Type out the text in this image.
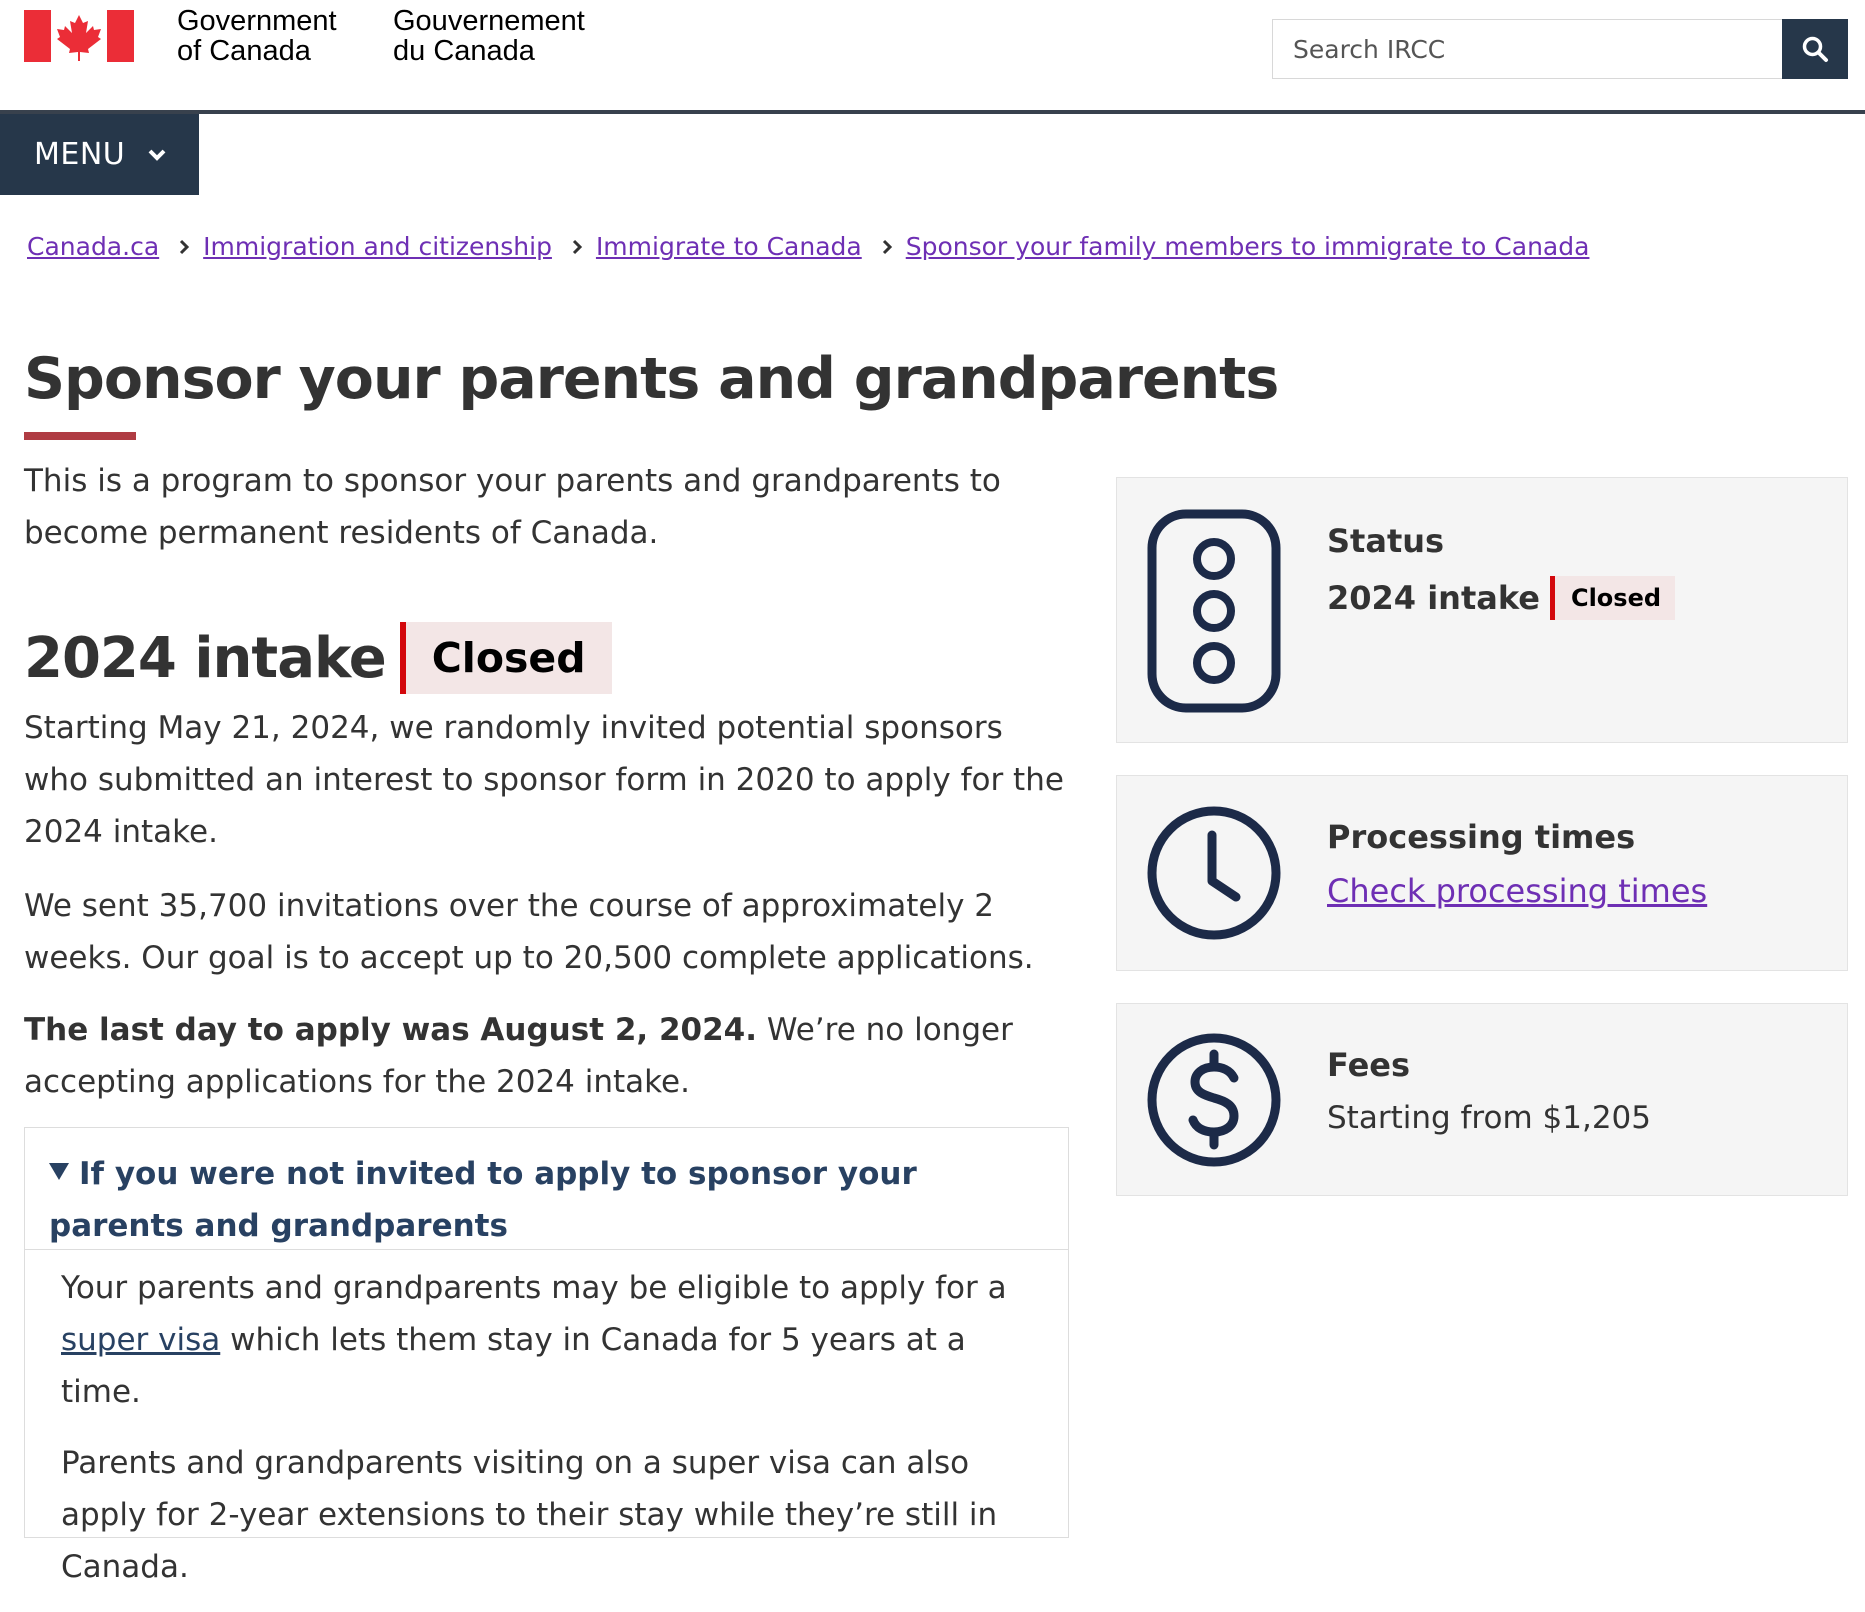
Government
of Canada
Gouvernement
du Canada
Search IRCC
MENU
Canada.ca Immigration and citizenship Immigrate to Canada Sponsor your family members to immigrate to Canada
Sponsor your parents and grandparents

This is a program to sponsor your parents and grandparents to become permanent residents of Canada.

2024 intake	Closed

Starting May 21, 2024, we randomly invited potential sponsors who submitted an interest to sponsor form in 2020 to apply for the 2024 intake.

We sent 35,700 invitations over the course of approximately 2 weeks. Our goal is to accept up to 20,500 complete applications.

The last day to apply was August 2, 2024. We’re no longer accepting applications for the 2024 intake.

If you were not invited to apply to sponsor your parents and grandparents

Your parents and grandparents may be eligible to apply for a super visa which lets them stay in Canada for 5 years at a time.

Parents and grandparents visiting on a super visa can also apply for 2-year extensions to their stay while they’re still in Canada.

Status
2024 intake	Closed
Processing times
Check processing times
Fees
Starting from $1,205
